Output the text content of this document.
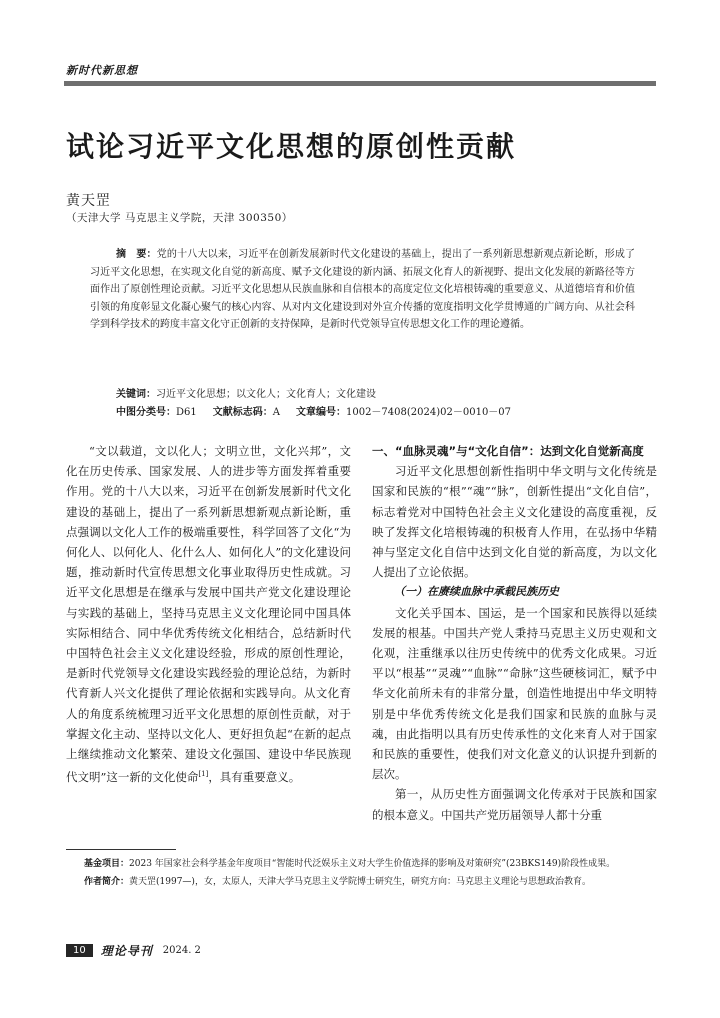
新时代新思想
试论习近平文化思想的原创性贡献
黄天罡
（天津大学 马克思主义学院，天津 300350）
摘　要：党的十八大以来，习近平在创新发展新时代文化建设的基础上，提出了一系列新思想新观点新论断，形成了习近平文化思想，在实现文化自觉的新高度、赋予文化建设的新内涵、拓展文化育人的新视野、提出文化发展的新路径等方面作出了原创性理论贡献。习近平文化思想从民族血脉和自信根本的高度定位文化培根铸魂的重要意义、从道德培育和价值引领的角度彰显文化凝心聚气的核心内容、从对内文化建设到对外宣介传播的宽度指明文化学贯博通的广阔方向、从社会科学到科学技术的跨度丰富文化守正创新的支持保障，是新时代党领导宣传思想文化工作的理论遵循。
关键词：习近平文化思想；以文化人；文化育人；文化建设
中图分类号：D61 文献标志码：A 文章编号：1002－7408(2024)02－0010－07

“文以载道，文以化人；文明立世，文化兴邦”，文化在历史传承、国家发展、人的进步等方面发挥着重要作用。党的十八大以来，习近平在创新发展新时代文化建设的基础上，提出了一系列新思想新观点新论断，重点强调以文化人工作的极端重要性，科学回答了文化“为何化人、以何化人、化什么人、如何化人”的文化建设问题，推动新时代宣传思想文化事业取得历史性成就。习近平文化思想是在继承与发展中国共产党文化建设理论与实践的基础上，坚持马克思主义文化理论同中国具体实际相结合、同中华优秀传统文化相结合，总结新时代中国特色社会主义文化建设经验，形成的原创性理论，是新时代党领导文化建设实践经验的理论总结，为新时代育新人兴文化提供了理论依据和实践导向。从文化育人的角度系统梳理习近平文化思想的原创性贡献，对于掌握文化主动、坚持以文化人、更好担负起“在新的起点上继续推动文化繁荣、建设文化强国、建设中华民族现代文明”这一新的文化使命[1]，具有重要意义。

一、“血脉灵魂”与“文化自信”：达到文化自觉新高度

习近平文化思想创新性指明中华文明与文化传统是国家和民族的“根”“魂”“脉”，创新性提出“文化自信”，标志着党对中国特色社会主义文化建设的高度重视，反映了发挥文化培根铸魂的积极育人作用，在弘扬中华精神与坚定文化自信中达到文化自觉的新高度，为以文化人提出了立论依据。

（一）在赓续血脉中承载民族历史

文化关乎国本、国运，是一个国家和民族得以延续发展的根基。中国共产党人秉持马克思主义历史观和文化观，注重继承以往历史传统中的优秀文化成果。习近平以“根基”“灵魂”“血脉”“命脉”这些硬核词汇，赋予中华文化前所未有的非常分量，创造性地提出中华文明特别是中华优秀传统文化是我们国家和民族的血脉与灵魂，由此指明以具有历史传承性的文化来育人对于国家和民族的重要性，使我们对文化意义的认识提升到新的层次。

第一，从历史性方面强调文化传承对于民族和国家的根本意义。中国共产党历届领导人都十分重

基金项目：2023 年国家社会科学基金年度项目“智能时代泛娱乐主义对大学生价值选择的影响及对策研究”(23BKS149)阶段性成果。

作者简介：黄天罡(1997—)，女，太原人，天津大学马克思主义学院博士研究生，研究方向：马克思主义理论与思想政治教育。

10	理论导刊 2024. 2
